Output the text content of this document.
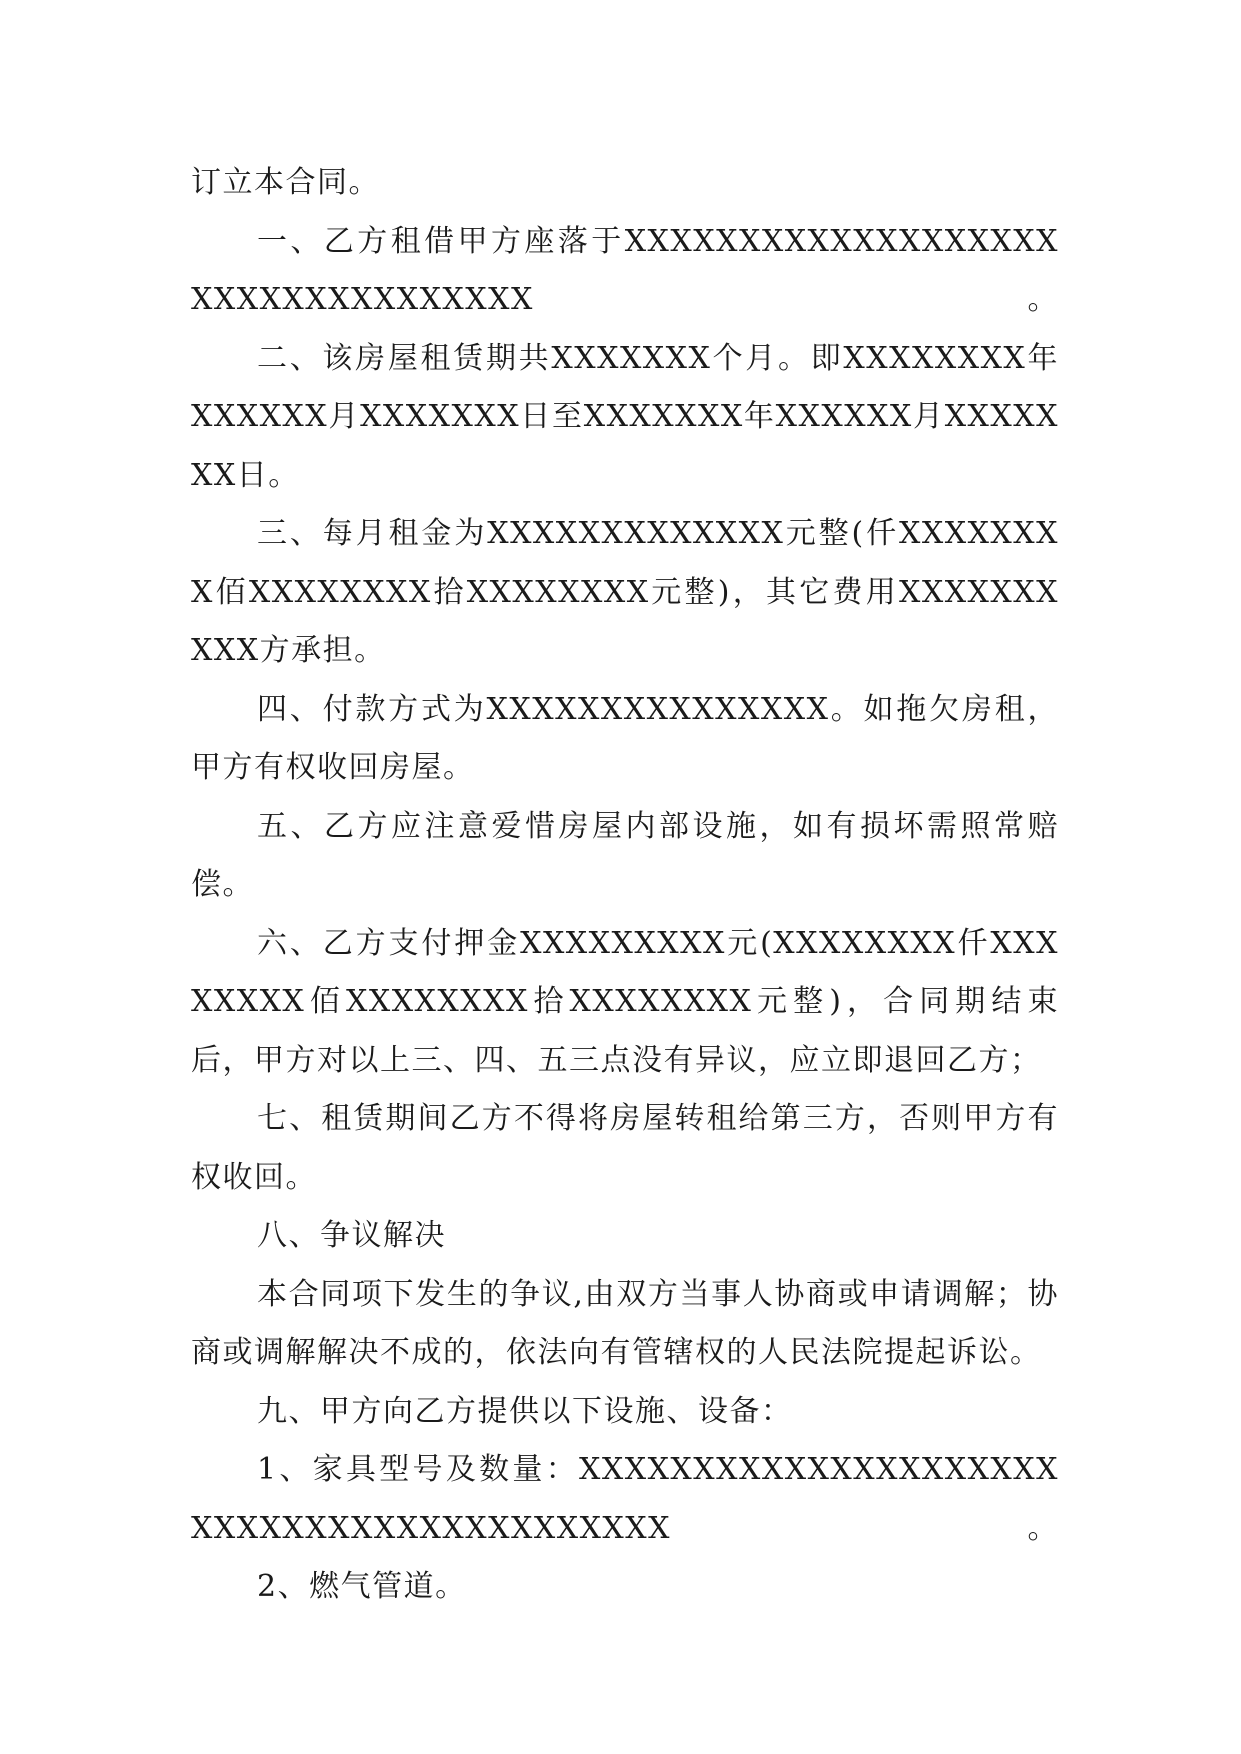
订立本合同。

一、乙方租借甲方座落于XXXXXXXXXXXXXXXXXXXXXXXXXXXXXXXXXX。

二、该房屋租赁期共XXXXXXX个月。即XXXXXXXX年XXXXXX月XXXXXXX日至XXXXXXX年XXXXXX月XXXXXXX日。

三、每月租金为XXXXXXXXXXXXX元整(仟XXXXXXXX佰XXXXXXXX拾XXXXXXXX元整)，其它费用XXXXXXXXXX方承担。

四、付款方式为XXXXXXXXXXXXXXX。如拖欠房租，甲方有权收回房屋。

五、乙方应注意爱惜房屋内部设施，如有损坏需照常赔偿。

六、乙方支付押金XXXXXXXXX元(XXXXXXXX仟XXXXXXXX佰XXXXXXXX拾XXXXXXXX元整)，合同期结束后，甲方对以上三、四、五三点没有异议，应立即退回乙方；

七、租赁期间乙方不得将房屋转租给第三方，否则甲方有权收回。

八、争议解决

本合同项下发生的争议,由双方当事人协商或申请调解；协商或调解解决不成的，依法向有管辖权的人民法院提起诉讼。

九、甲方向乙方提供以下设施、设备：

1、家具型号及数量：XXXXXXXXXXXXXXXXXXXXXXXXXXXXXXXXXXXXXXXXXX。

2、燃气管道。
